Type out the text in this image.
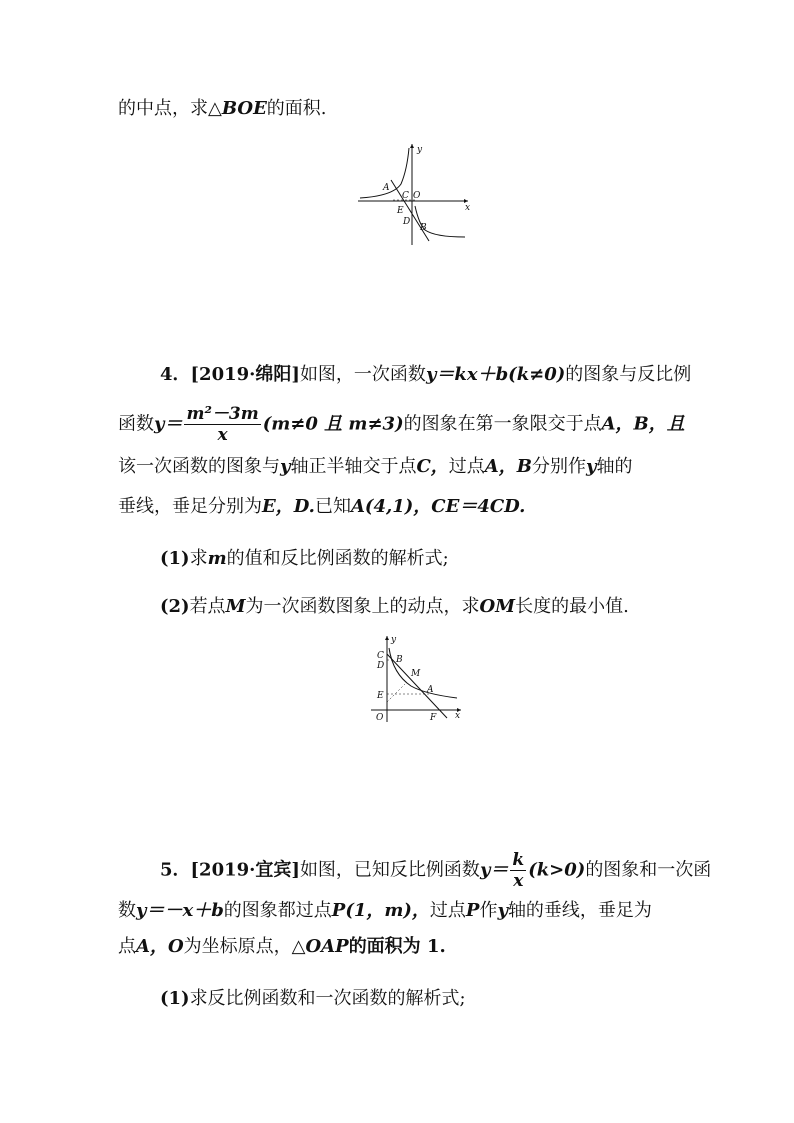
的中点，求△BOE的面积.
y
x
A
C O
E
D
B
4．[2019·绵阳]如图，一次函数y＝kx＋b(k≠0)的图象与反比例
函数$y= \frac{\text{m²－3m}}{x} (m\ne 0$ 且 m≠3)的图象在第一象限交于点A，B，且
该一次函数的图象与y轴正半轴交于点C，过点A，B分别作y轴的
垂线，垂足分别为E，D.已知A(4,1)，CE＝4CD.
(1)求m的值和反比例函数的解析式;
(2)若点M为一次函数图象上的动点，求OM长度的最小值.
y
x
C
D
B
M
E
A
O	F
5．[2019·宜宾]如图，已知反比例函数$y= \frac{k}{x} (k>0)$的图象和一次函
数y＝－x＋b的图象都过点P(1，m)，过点P作y轴的垂线，垂足为
点A，O为坐标原点，△OAP的面积为 1.
(1)求反比例函数和一次函数的解析式;
